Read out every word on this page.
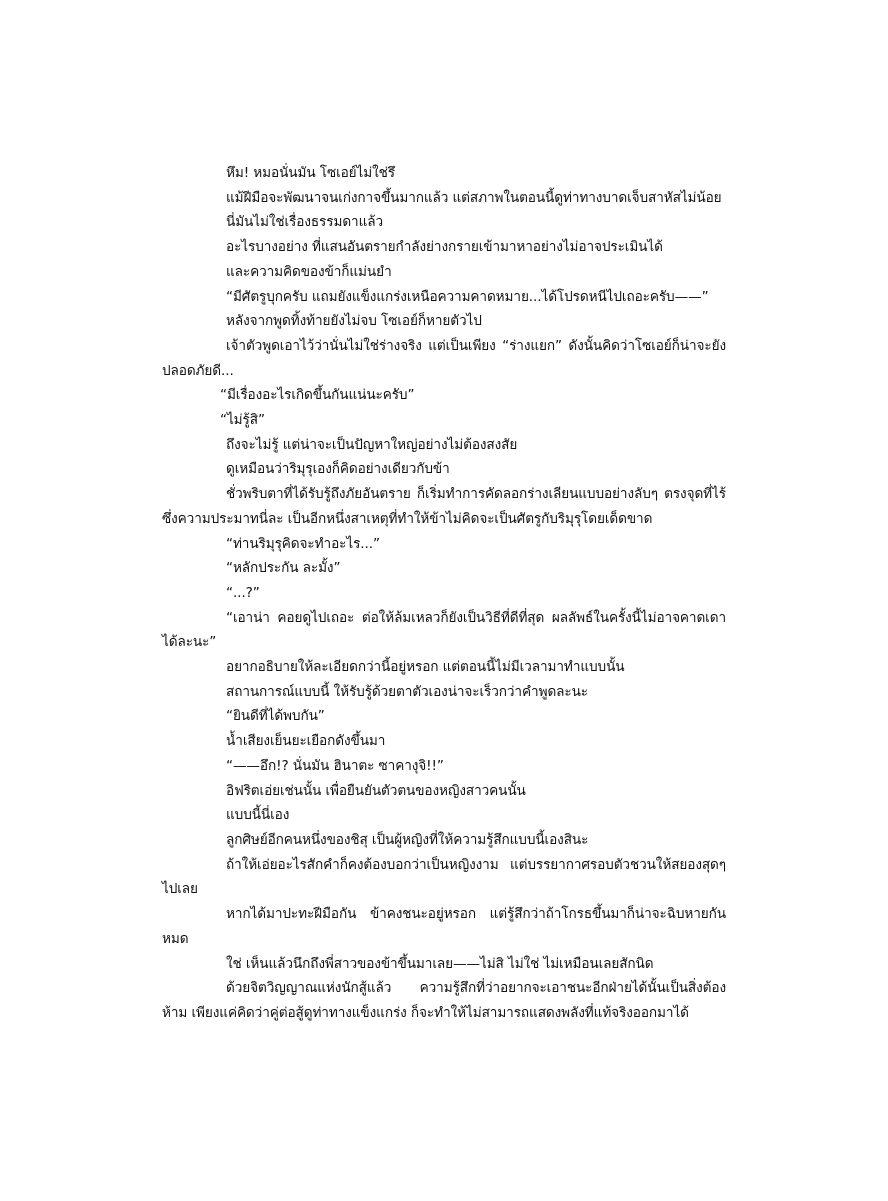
หึม! หมอนั่นมัน โซเอย์ไม่ใช่รึ

แม้ฝีมือจะพัฒนาจนเก่งกาจขึ้นมากแล้ว แต่สภาพในตอนนี้ดูท่าทางบาดเจ็บสาหัสไม่น้อย

นี่มันไม่ใช่เรื่องธรรมดาแล้ว

อะไรบางอย่าง ที่แสนอันตรายกำลังย่างกรายเข้ามาหาอย่างไม่อาจประเมินได้

และความคิดของข้าก็แม่นยำ

“มีศัตรูบุกครับ แถมยังแข็งแกร่งเหนือความคาดหมาย...ได้โปรดหนีไปเถอะครับ——”

หลังจากพูดทิ้งท้ายยังไม่จบ โซเอย์ก็หายตัวไป

เจ้าตัวพูดเอาไว้ว่านั่นไม่ใช่ร่างจริง แต่เป็นเพียง “ร่างแยก” ดังนั้นคิดว่าโซเอย์ก็น่าจะยังปลอดภัยดี...

“มีเรื่องอะไรเกิดขึ้นกันแน่นะครับ”

“ไม่รู้สิ”

ถึงจะไม่รู้ แต่น่าจะเป็นปัญหาใหญ่อย่างไม่ต้องสงสัย

ดูเหมือนว่าริมุรุเองก็คิดอย่างเดียวกับข้า

ชั่วพริบตาที่ได้รับรู้ถึงภัยอันตราย ก็เริ่มทำการคัดลอกร่างเลียนแบบอย่างลับๆ ตรงจุดที่ไร้ซึ่งความประมาทนี่ละ เป็นอีกหนึ่งสาเหตุที่ทำให้ข้าไม่คิดจะเป็นศัตรูกับริมุรุโดยเด็ดขาด

“ท่านริมุรุคิดจะทำอะไร...”

“หลักประกัน ละมั้ง”

“...?”

“เอาน่า คอยดูไปเถอะ ต่อให้ล้มเหลวก็ยังเป็นวิธีที่ดีที่สุด ผลลัพธ์ในครั้งนี้ไม่อาจคาดเดาได้ละนะ”

อยากอธิบายให้ละเอียดกว่านี้อยู่หรอก แต่ตอนนี้ไม่มีเวลามาทำแบบนั้น

สถานการณ์แบบนี้ ให้รับรู้ด้วยตาตัวเองน่าจะเร็วกว่าคำพูดละนะ

“ยินดีที่ได้พบกัน”

น้ำเสียงเย็นยะเยือกดังขึ้นมา

“——อึก!? นั่นมัน ฮินาตะ ซาคางุจิ!!”

อิฟริตเอ่ยเช่นนั้น เพื่อยืนยันตัวตนของหญิงสาวคนนั้น

แบบนี้นี่เอง

ลูกศิษย์อีกคนหนึ่งของชิสุ เป็นผู้หญิงที่ให้ความรู้สึกแบบนี้เองสินะ

ถ้าให้เอ่ยอะไรสักคำก็คงต้องบอกว่าเป็นหญิงงาม แต่บรรยากาศรอบตัวชวนให้สยองสุดๆไปเลย

หากได้มาปะทะฝีมือกัน ข้าคงชนะอยู่หรอก แต่รู้สึกว่าถ้าโกรธขึ้นมาก็น่าจะฉิบหายกันหมด

ใช่ เห็นแล้วนึกถึงพี่สาวของข้าขึ้นมาเลย——ไม่สิ ไม่ใช่ ไม่เหมือนเลยสักนิด

ด้วยจิตวิญญาณแห่งนักสู้แล้ว ความรู้สึกที่ว่าอยากจะเอาชนะอีกฝ่ายได้นั้นเป็นสิ่งต้องห้าม เพียงแค่คิดว่าคู่ต่อสู้ดูท่าทางแข็งแกร่ง ก็จะทำให้ไม่สามารถแสดงพลังที่แท้จริงออกมาได้
